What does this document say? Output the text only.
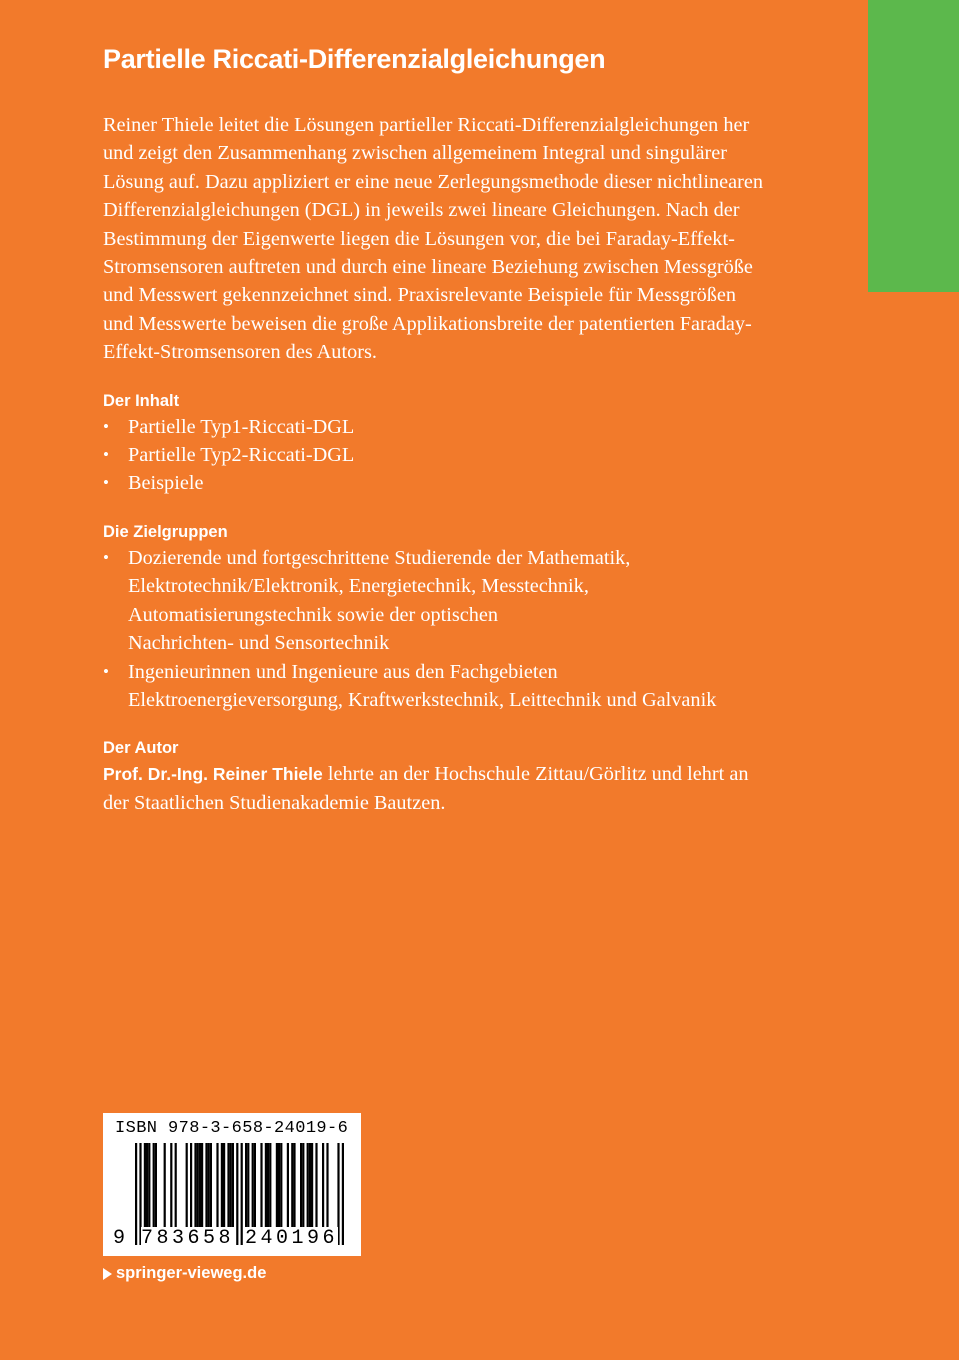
Partielle Riccati-Differenzialgleichungen

Reiner Thiele leitet die Lösungen partieller Riccati-Differenzialgleichungen her
und zeigt den Zusammenhang zwischen allgemeinem Integral und singulärer
Lösung auf. Dazu appliziert er eine neue Zerlegungsmethode dieser nichtlinearen
Differenzialgleichungen (DGL) in jeweils zwei lineare Gleichungen. Nach der
Bestimmung der Eigenwerte liegen die Lösungen vor, die bei Faraday-Effekt-
Stromsensoren auftreten und durch eine lineare Beziehung zwischen Messgröße
und Messwert gekennzeichnet sind. Praxisrelevante Beispiele für Messgrößen
und Messwerte beweisen die große Applikationsbreite der patentierten Faraday-
Effekt-Stromsensoren des Autors.

Der Inhalt
• Partielle Typ1-Riccati-DGL
• Partielle Typ2-Riccati-DGL
• Beispiele
Die Zielgruppen
• Dozierende und fortgeschrittene Studierende der Mathematik,
Elektrotechnik/Elektronik, Energietechnik, Messtechnik,
Automatisierungstechnik sowie der optischen
Nachrichten- und Sensortechnik
• Ingenieurinnen und Ingenieure aus den Fachgebieten
Elektroenergieversorgung, Kraftwerkstechnik, Leittechnik und Galvanik
Der Autor

Prof. Dr.-Ing. Reiner Thiele lehrte an der Hochschule Zittau/Görlitz und lehrt an
der Staatlichen Studienakademie Bautzen.

ISBN 978-3-658-24019-6
9 783658 240196
springer-vieweg.de
